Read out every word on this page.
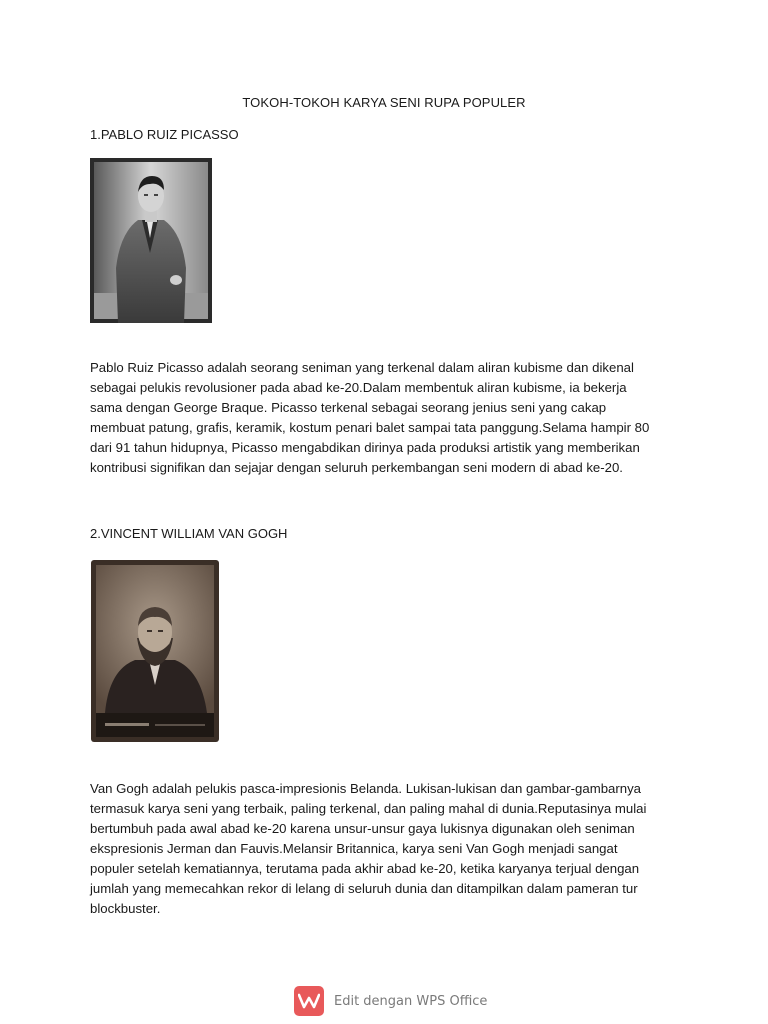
TOKOH-TOKOH KARYA SENI RUPA POPULER
1.PABLO RUIZ PICASSO

Pablo Ruiz Picasso adalah seorang seniman yang terkenal dalam aliran kubisme dan dikenal
sebagai pelukis revolusioner pada abad ke-20.Dalam membentuk aliran kubisme, ia bekerja
sama dengan George Braque. Picasso terkenal sebagai seorang jenius seni yang cakap
membuat patung, grafis, keramik, kostum penari balet sampai tata panggung.Selama hampir 80
dari 91 tahun hidupnya, Picasso mengabdikan dirinya pada produksi artistik yang memberikan
kontribusi signifikan dan sejajar dengan seluruh perkembangan seni modern di abad ke-20.

2.VINCENT WILLIAM VAN GOGH

Van Gogh adalah pelukis pasca-impresionis Belanda. Lukisan-lukisan dan gambar-gambarnya
termasuk karya seni yang terbaik, paling terkenal, dan paling mahal di dunia.Reputasinya mulai
bertumbuh pada awal abad ke-20 karena unsur-unsur gaya lukisnya digunakan oleh seniman
ekspresionis Jerman dan Fauvis.Melansir Britannica, karya seni Van Gogh menjadi sangat
populer setelah kematiannya, terutama pada akhir abad ke-20, ketika karyanya terjual dengan
jumlah yang memecahkan rekor di lelang di seluruh dunia dan ditampilkan dalam pameran tur
blockbuster.

Edit dengan WPS Office
